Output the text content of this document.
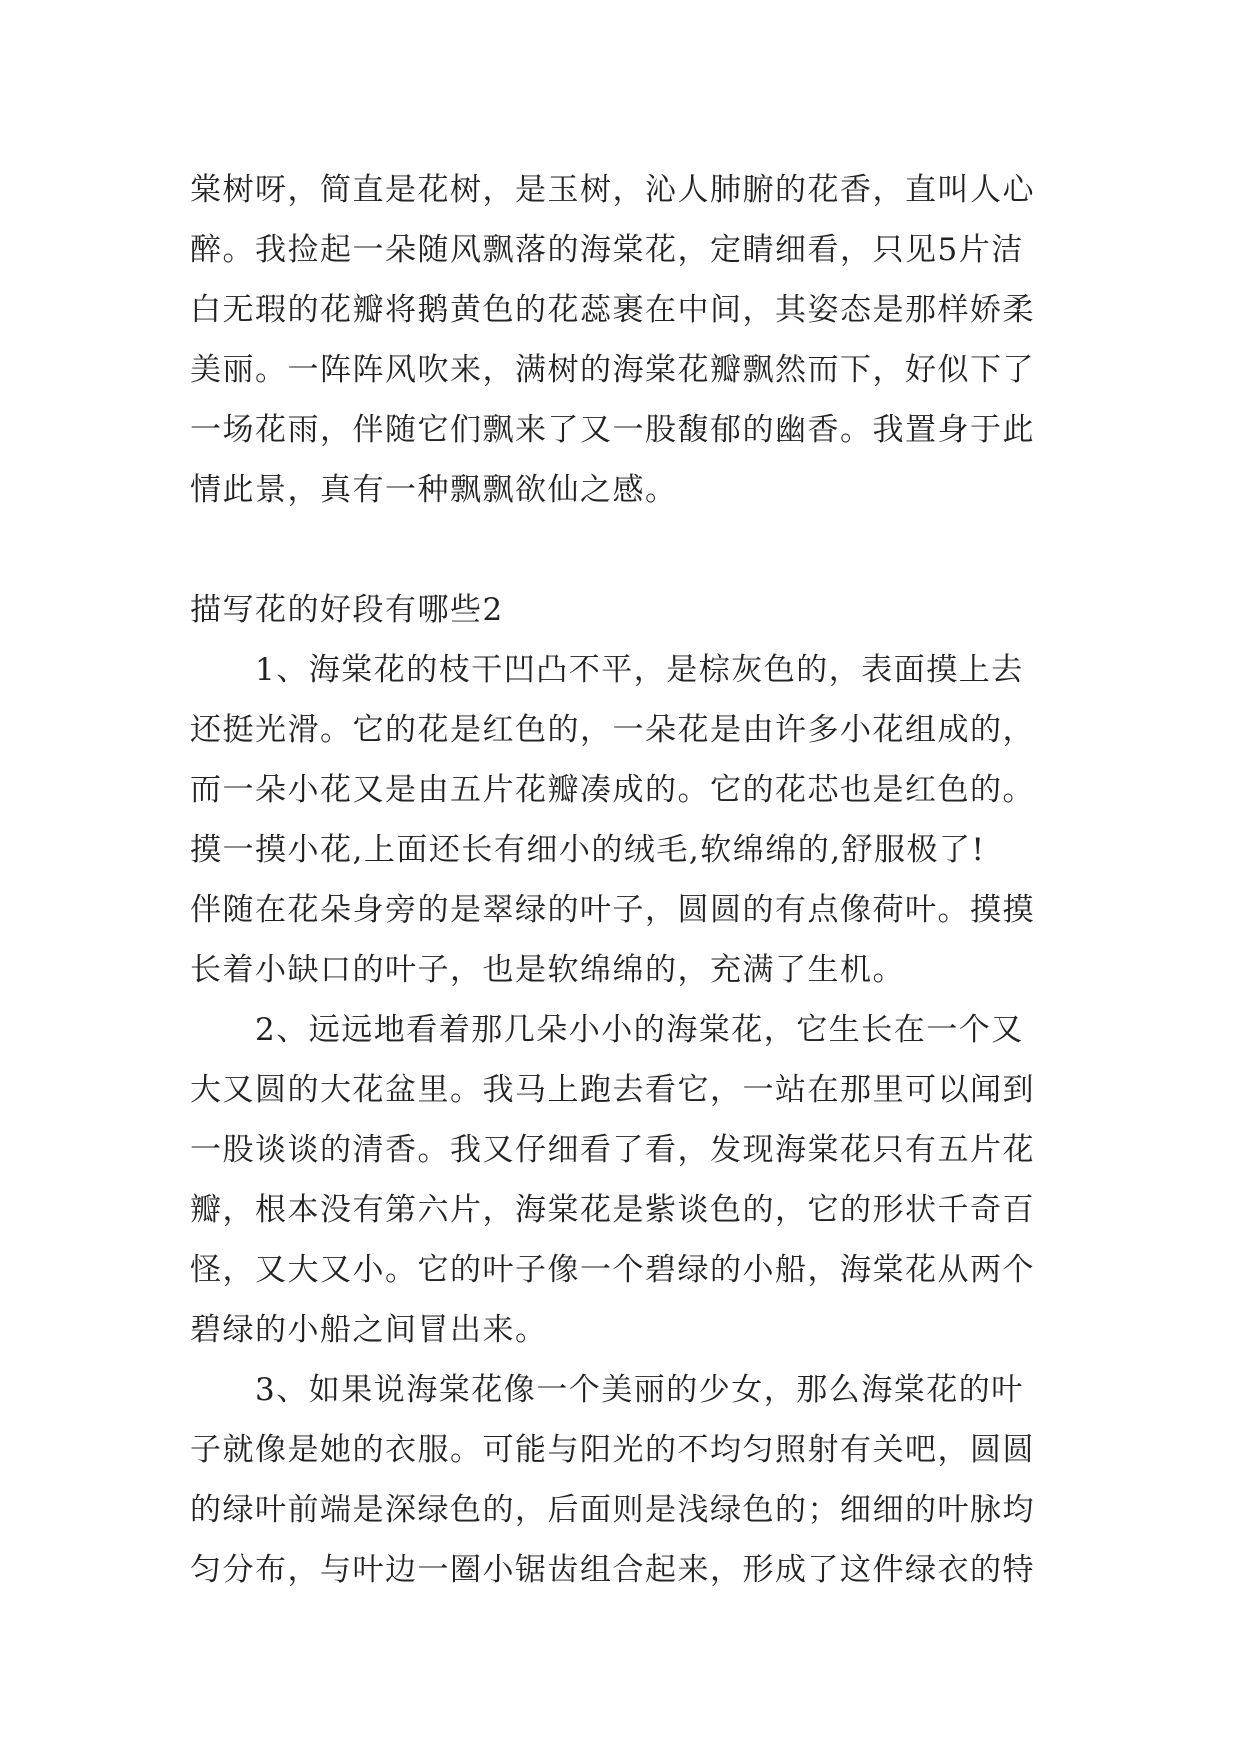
棠树呀，简直是花树，是玉树，沁人肺腑的花香，直叫人心
醉。我捡起一朵随风飘落的海棠花，定睛细看，只见5片洁
白无瑕的花瓣将鹅黄色的花蕊裹在中间，其姿态是那样娇柔
美丽。一阵阵风吹来，满树的海棠花瓣飘然而下，好似下了
一场花雨，伴随它们飘来了又一股馥郁的幽香。我置身于此
情此景，真有一种飘飘欲仙之感。
描写花的好段有哪些2
　　1、海棠花的枝干凹凸不平，是棕灰色的，表面摸上去
还挺光滑。它的花是红色的，一朵花是由许多小花组成的，
而一朵小花又是由五片花瓣凑成的。它的花芯也是红色的。
摸一摸小花,上面还长有细小的绒毛,软绵绵的,舒服极了!
伴随在花朵身旁的是翠绿的叶子，圆圆的有点像荷叶。摸摸
长着小缺口的叶子，也是软绵绵的，充满了生机。
　　2、远远地看着那几朵小小的海棠花，它生长在一个又
大又圆的大花盆里。我马上跑去看它，一站在那里可以闻到
一股谈谈的清香。我又仔细看了看，发现海棠花只有五片花
瓣，根本没有第六片，海棠花是紫谈色的，它的形状千奇百
怪，又大又小。它的叶子像一个碧绿的小船，海棠花从两个
碧绿的小船之间冒出来。
　　3、如果说海棠花像一个美丽的少女，那么海棠花的叶
子就像是她的衣服。可能与阳光的不均匀照射有关吧，圆圆
的绿叶前端是深绿色的，后面则是浅绿色的；细细的叶脉均
匀分布，与叶边一圈小锯齿组合起来，形成了这件绿衣的特
